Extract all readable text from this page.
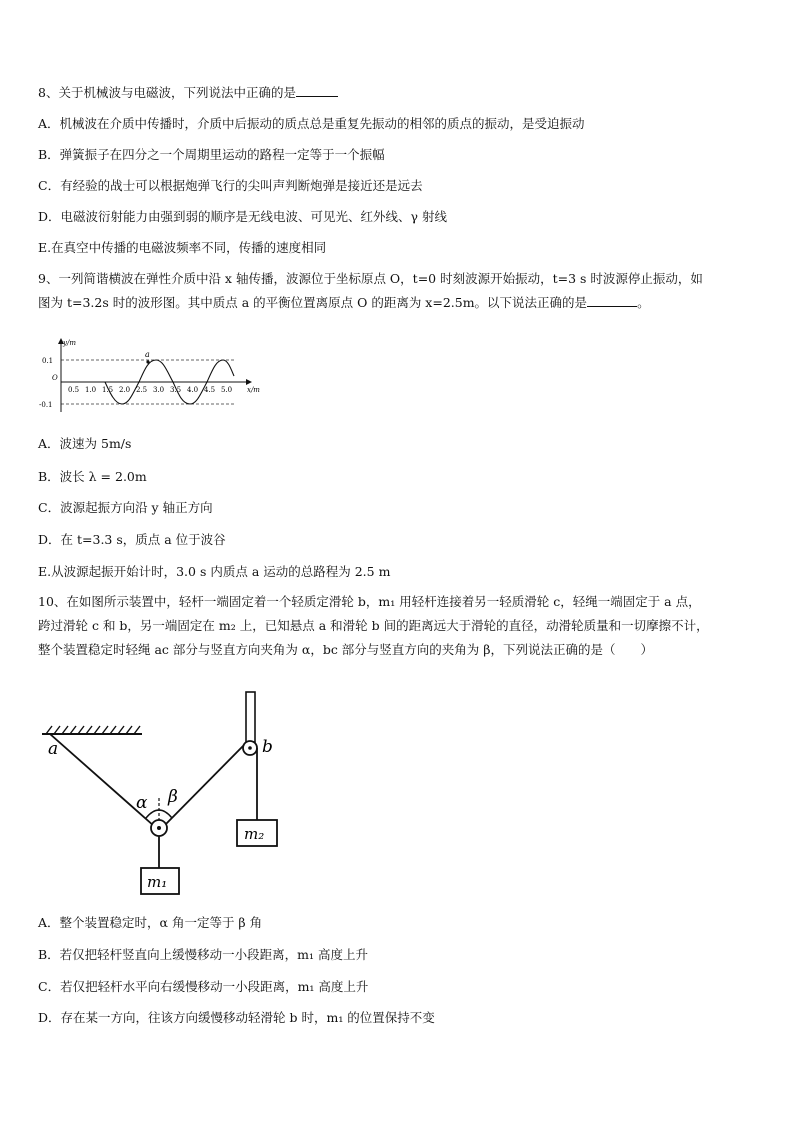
8、关于机械波与电磁波，下列说法中正确的是
A．机械波在介质中传播时，介质中后振动的质点总是重复先振动的相邻的质点的振动，是受迫振动
B．弹簧振子在四分之一个周期里运动的路程一定等于一个振幅
C．有经验的战士可以根据炮弹飞行的尖叫声判断炮弹是接近还是远去
D．电磁波衍射能力由强到弱的顺序是无线电波、可见光、红外线、γ 射线
E.在真空中传播的电磁波频率不同，传播的速度相同

9、一列简谐横波在弹性介质中沿 x 轴传播，波源位于坐标原点 O，t=0 时刻波源开始振动，t=3 s 时波源停止振动，如

图为 t=3.2s 时的波形图。其中质点 a 的平衡位置离原点 O 的距离为 x=2.5m。以下说法正确的是	。

a
y/m
x/m
O
0.1
-0.1
0.5 1.0 1.5 2.0 2.5 3.0 3.5 4.0 4.5 5.0
A．波速为 5m/s
B．波长 λ = 2.0m
C．波源起振方向沿 y 轴正方向
D．在 t=3.3 s，质点 a 位于波谷
E.从波源起振开始计时，3.0 s 内质点 a 运动的总路程为 2.5 m

10、在如图所示装置中，轻杆一端固定着一个轻质定滑轮 b，m₁ 用轻杆连接着另一轻质滑轮 c，轻绳一端固定于 a 点，

跨过滑轮 c 和 b，另一端固定在 m₂ 上，已知悬点 a 和滑轮 b 间的距离远大于滑轮的直径，动滑轮质量和一切摩擦不计，

整个装置稳定时轻绳 ac 部分与竖直方向夹角为 α，bc 部分与竖直方向的夹角为 β，下列说法正确的是（　　）

a	b
α β
m₁
m₂
A．整个装置稳定时，α 角一定等于 β 角
B．若仅把轻杆竖直向上缓慢移动一小段距离，m₁ 高度上升
C．若仅把轻杆水平向右缓慢移动一小段距离，m₁ 高度上升
D．存在某一方向，往该方向缓慢移动轻滑轮 b 时，m₁ 的位置保持不变
